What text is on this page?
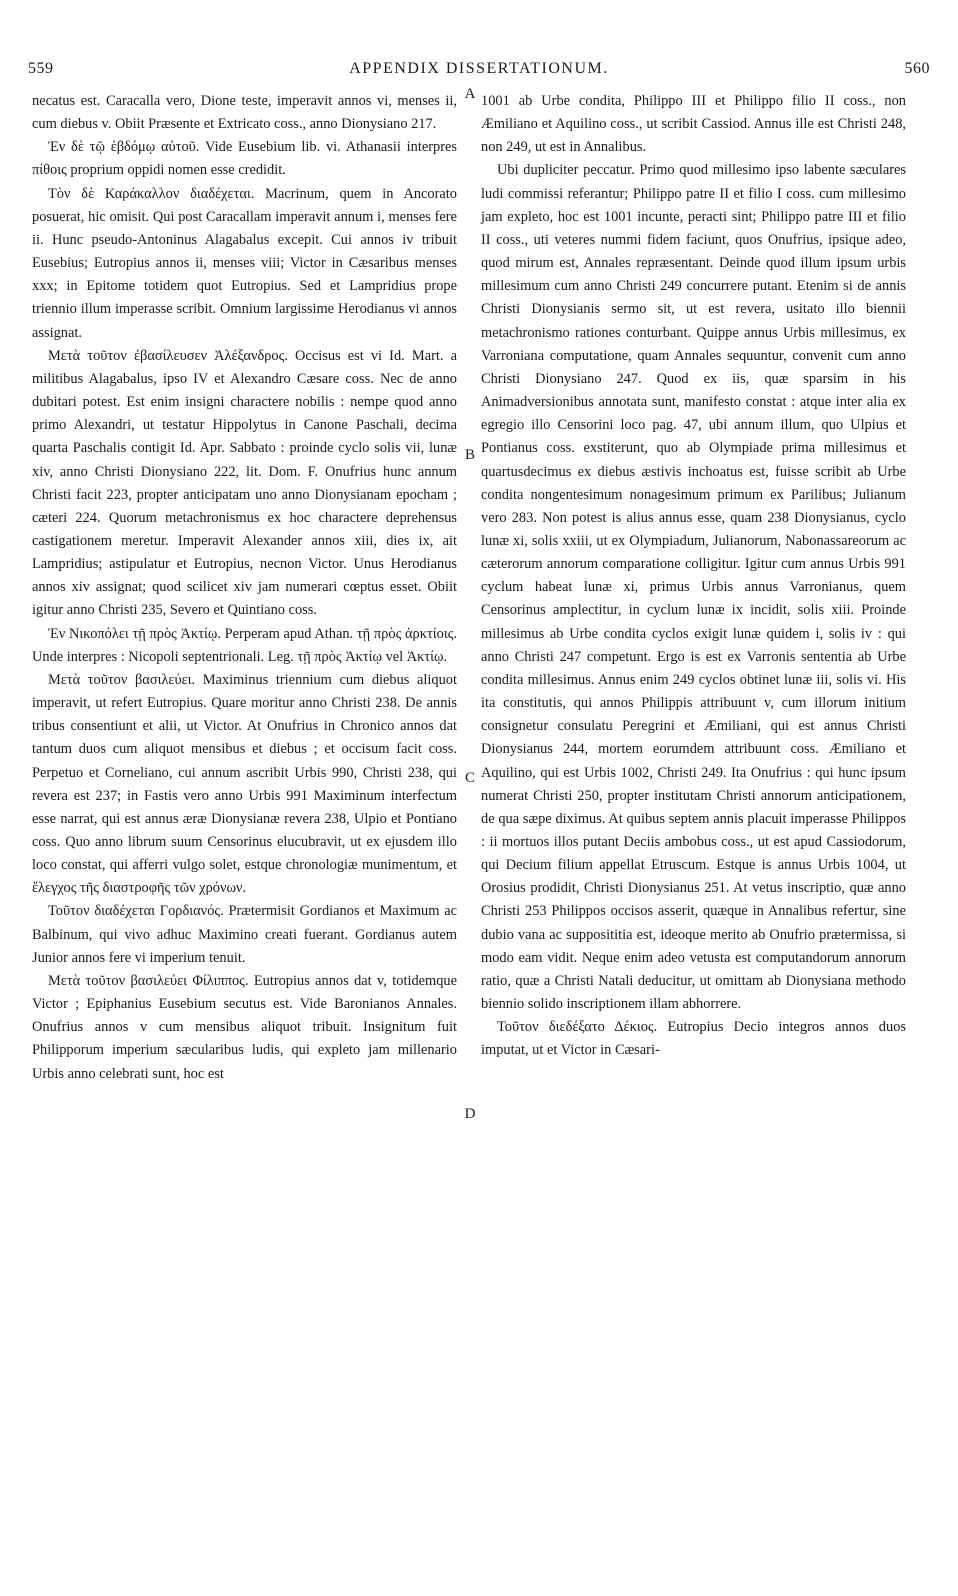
559	APPENDIX DISSERTATIONUM.	560

necatus est. Caracalla vero, Dione teste, imperavit annos vi, menses ii, cum diebus v. Obiit Præsente et Extricato coss., anno Dionysiano 217.

Ἐν δὲ τῷ ἑβδόμῳ αὐτοῦ. Vide Eusebium lib. vi. Athanasii interpres πίθοις proprium oppidi nomen esse credidit.

Τὸν δὲ Καράκαλλον διαδέχεται. Macrinum, quem in Ancorato posuerat, hic omisit. Qui post Caracallam imperavit annum i, menses fere ii. Hunc pseudo-Antoninus Alagabalus excepit. Cui annos iv tribuit Eusebius; Eutropius annos ii, menses viii; Victor in Cæsaribus menses xxx; in Epitome totidem quot Eutropius. Sed et Lampridius prope triennio illum imperasse scribit. Omnium largissime Herodianus vi annos assignat.

Μετὰ τοῦτον ἐβασίλευσεν Ἀλέξανδρος. Occisus est vi Id. Mart. a militibus Alagabalus, ipso IV et Alexandro Cæsare coss. Nec de anno dubitari potest. Est enim insigni charactere nobilis : nempe quod anno primo Alexandri, ut testatur Hippolytus in Canone Paschali, decima quarta Paschalis contigit Id. Apr. Sabbato : proinde cyclo solis vii, lunæ xiv, anno Christi Dionysiano 222, lit. Dom. F. Onufrius hunc annum Christi facit 223, propter anticipatam uno anno Dionysianam epocham ; cæteri 224. Quorum metachronismus ex hoc charactere deprehensus castigationem meretur. Imperavit Alexander annos xiii, dies ix, ait Lampridius; astipulatur et Eutropius, necnon Victor. Unus Herodianus annos xiv assignat; quod scilicet xiv jam numerari cœptus esset. Obiit igitur anno Christi 235, Severo et Quintiano coss.

Ἐν Νικοπόλει τῇ πρὸς Ἀκτίῳ. Perperam apud Athan. τῇ πρὸς ἀρκτίοις. Unde interpres : Nicopoli septentrionali. Leg. τῇ πρὸς Ἀκτίῳ vel Ἀκτίῳ.

Μετὰ τοῦτον βασιλεύει. Maximinus triennium cum diebus aliquot imperavit, ut refert Eutropius. Quare moritur anno Christi 238. De annis tribus consentiunt et alii, ut Victor. At Onufrius in Chronico annos dat tantum duos cum aliquot mensibus et diebus ; et occisum facit coss. Perpetuo et Corneliano, cui annum ascribit Urbis 990, Christi 238, qui revera est 237; in Fastis vero anno Urbis 991 Maximinum interfectum esse narrat, qui est annus æræ Dionysianæ revera 238, Ulpio et Pontiano coss. Quo anno librum suum Censorinus elucubravit, ut ex ejusdem illo loco constat, qui afferri vulgo solet, estque chronologiæ munimentum, et ἔλεγχος τῆς διαστροφῆς τῶν χρόνων.

Τοῦτον διαδέχεται Γορδιανός. Prætermisit Gordianos et Maximum ac Balbinum, qui vivo adhuc Maximino creati fuerant. Gordianus autem Junior annos fere vi imperium tenuit.

Μετὰ τοῦτον βασιλεύει Φίλιππος. Eutropius annos dat v, totidemque Victor ; Epiphanius Eusebium secutus est. Vide Baronianos Annales. Onufrius annos v cum mensibus aliquot tribuit. Insignitum fuit Philipporum imperium sæcularibus ludis, qui expleto jam millenario Urbis anno celebrati sunt, hoc est

A
B
C
D

1001 ab Urbe condita, Philippo III et Philippo filio II coss., non Æmiliano et Aquilino coss., ut scribit Cassiod. Annus ille est Christi 248, non 249, ut est in Annalibus.

Ubi dupliciter peccatur. Primo quod millesimo ipso labente sæculares ludi commissi referantur; Philippo patre II et filio I coss. cum millesimo jam expleto, hoc est 1001 incunte, peracti sint; Philippo patre III et filio II coss., uti veteres nummi fidem faciunt, quos Onufrius, ipsique adeo, quod mirum est, Annales repræsentant. Deinde quod illum ipsum urbis millesimum cum anno Christi 249 concurrere putant. Etenim si de annis Christi Dionysianis sermo sit, ut est revera, usitato illo biennii metachronismo rationes conturbant. Quippe annus Urbis millesimus, ex Varroniana computatione, quam Annales sequuntur, convenit cum anno Christi Dionysiano 247. Quod ex iis, quæ sparsim in his Animadversionibus annotata sunt, manifesto constat : atque inter alia ex egregio illo Censorini loco pag. 47, ubi annum illum, quo Ulpius et Pontianus coss. exstiterunt, quo ab Olympiade prima millesimus et quartusdecimus ex diebus æstivis inchoatus est, fuisse scribit ab Urbe condita nongentesimum nonagesimum primum ex Parilibus; Julianum vero 283. Non potest is alius annus esse, quam 238 Dionysianus, cyclo lunæ xi, solis xxiii, ut ex Olympiadum, Julianorum, Nabonassareorum ac cæterorum annorum comparatione colligitur. Igitur cum annus Urbis 991 cyclum habeat lunæ xi, primus Urbis annus Varronianus, quem Censorinus amplectitur, in cyclum lunæ ix incidit, solis xiii. Proinde millesimus ab Urbe condita cyclos exigit lunæ quidem i, solis iv : qui anno Christi 247 competunt. Ergo is est ex Varronis sententia ab Urbe condita millesimus. Annus enim 249 cyclos obtinet lunæ iii, solis vi. His ita constitutis, qui annos Philippis attribuunt v, cum illorum initium consignetur consulatu Peregrini et Æmiliani, qui est annus Christi Dionysianus 244, mortem eorumdem attribuunt coss. Æmiliano et Aquilino, qui est Urbis 1002, Christi 249. Ita Onufrius : qui hunc ipsum numerat Christi 250, propter institutam Christi annorum anticipationem, de qua sæpe diximus. At quibus septem annis placuit imperasse Philippos : ii mortuos illos putant Deciis ambobus coss., ut est apud Cassiodorum, qui Decium filium appellat Etruscum. Estque is annus Urbis 1004, ut Orosius prodidit, Christi Dionysianus 251. At vetus inscriptio, quæ anno Christi 253 Philippos occisos asserit, quæque in Annalibus refertur, sine dubio vana ac supposititia est, ideoque merito ab Onufrio prætermissa, si modo eam vidit. Neque enim adeo vetusta est computandorum annorum ratio, quæ a Christi Natali deducitur, ut omittam ab Dionysiana methodo biennio solido inscriptionem illam abhorrere.

Τοῦτον διεδέξατο Δέκιος. Eutropius Decio integros annos duos imputat, ut et Victor in Cæsari-
